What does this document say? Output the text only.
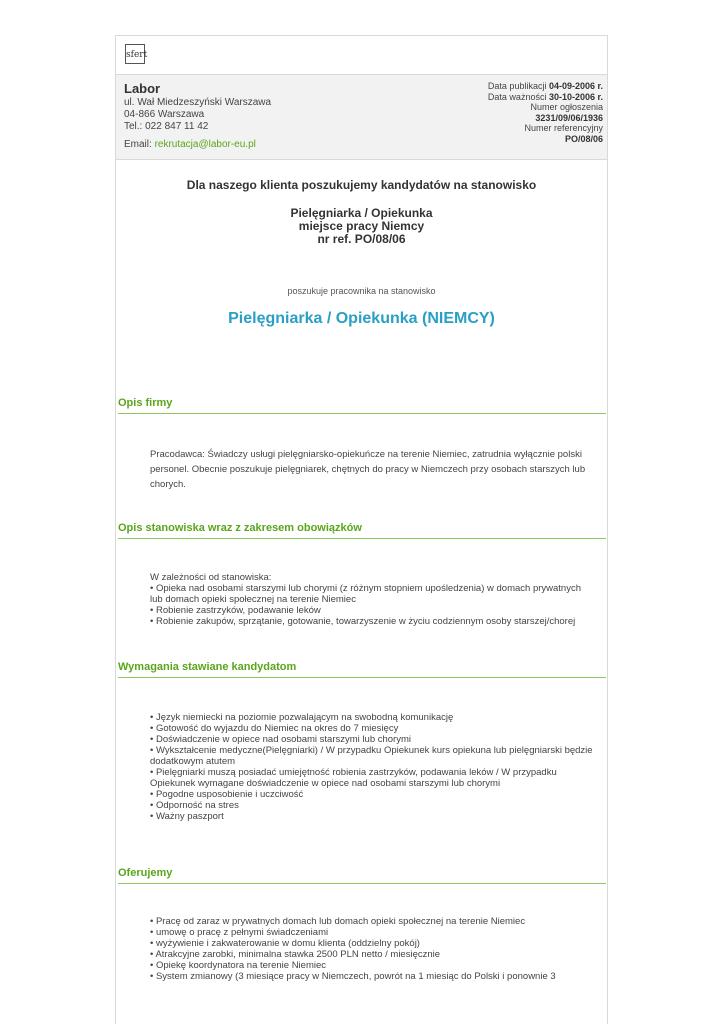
sfert
Labor
ul. Wał Miedzeszyński Warszawa
04-866 Warszawa
Tel.: 022 847 11 42
Email: rekrutacja@labor-eu.pl
Data publikacji 04-09-2006 r.
Data ważności 30-10-2006 r.
Numer ogłoszenia
3231/09/06/1936
Numer referencyjny
PO/08/06
Dla naszego klienta poszukujemy kandydatów na stanowisko
Pielęgniarka / Opiekunka
miejsce pracy Niemcy
nr ref. PO/08/06
poszukuje pracownika na stanowisko
Pielęgniarka / Opiekunka (NIEMCY)
Opis firmy
Pracodawca: Świadczy usługi pielęgniarsko-opiekuńcze na terenie Niemiec, zatrudnia wyłącznie polski
personel. Obecnie poszukuje pielęgniarek, chętnych do pracy w Niemczech przy osobach starszych lub
chorych.
Opis stanowiska wraz z zakresem obowiązków
W zależności od stanowiska:
• Opieka nad osobami starszymi lub chorymi (z różnym stopniem upośledzenia) w domach prywatnych
lub domach opieki społecznej na terenie Niemiec
• Robienie zastrzyków, podawanie leków
• Robienie zakupów, sprzątanie, gotowanie, towarzyszenie w życiu codziennym osoby starszej/chorej
Wymagania stawiane kandydatom
• Język niemiecki na poziomie pozwalającym na swobodną komunikację
• Gotowość do wyjazdu do Niemiec na okres do 7 miesięcy
• Doświadczenie w opiece nad osobami starszymi lub chorymi
• Wykształcenie medyczne(Pielęgniarki) / W przypadku Opiekunek kurs opiekuna lub pielęgniarski będzie
dodatkowym atutem
• Pielęgniarki muszą posiadać umiejętność robienia zastrzyków, podawania leków / W przypadku
Opiekunek wymagane doświadczenie w opiece nad osobami starszymi lub chorymi
• Pogodne usposobienie i uczciwość
• Odporność na stres
• Ważny paszport
Oferujemy
• Pracę od zaraz w prywatnych domach lub domach opieki społecznej na terenie Niemiec
• umowę o pracę z pełnymi świadczeniami
• wyżywienie i zakwaterowanie w domu klienta (oddzielny pokój)
• Atrakcyjne zarobki, minimalna stawka 2500 PLN netto / miesięcznie
• Opiekę koordynatora na terenie Niemiec
• System zmianowy (3 miesiące pracy w Niemczech, powrót na 1 miesiąc do Polski i ponownie 3
